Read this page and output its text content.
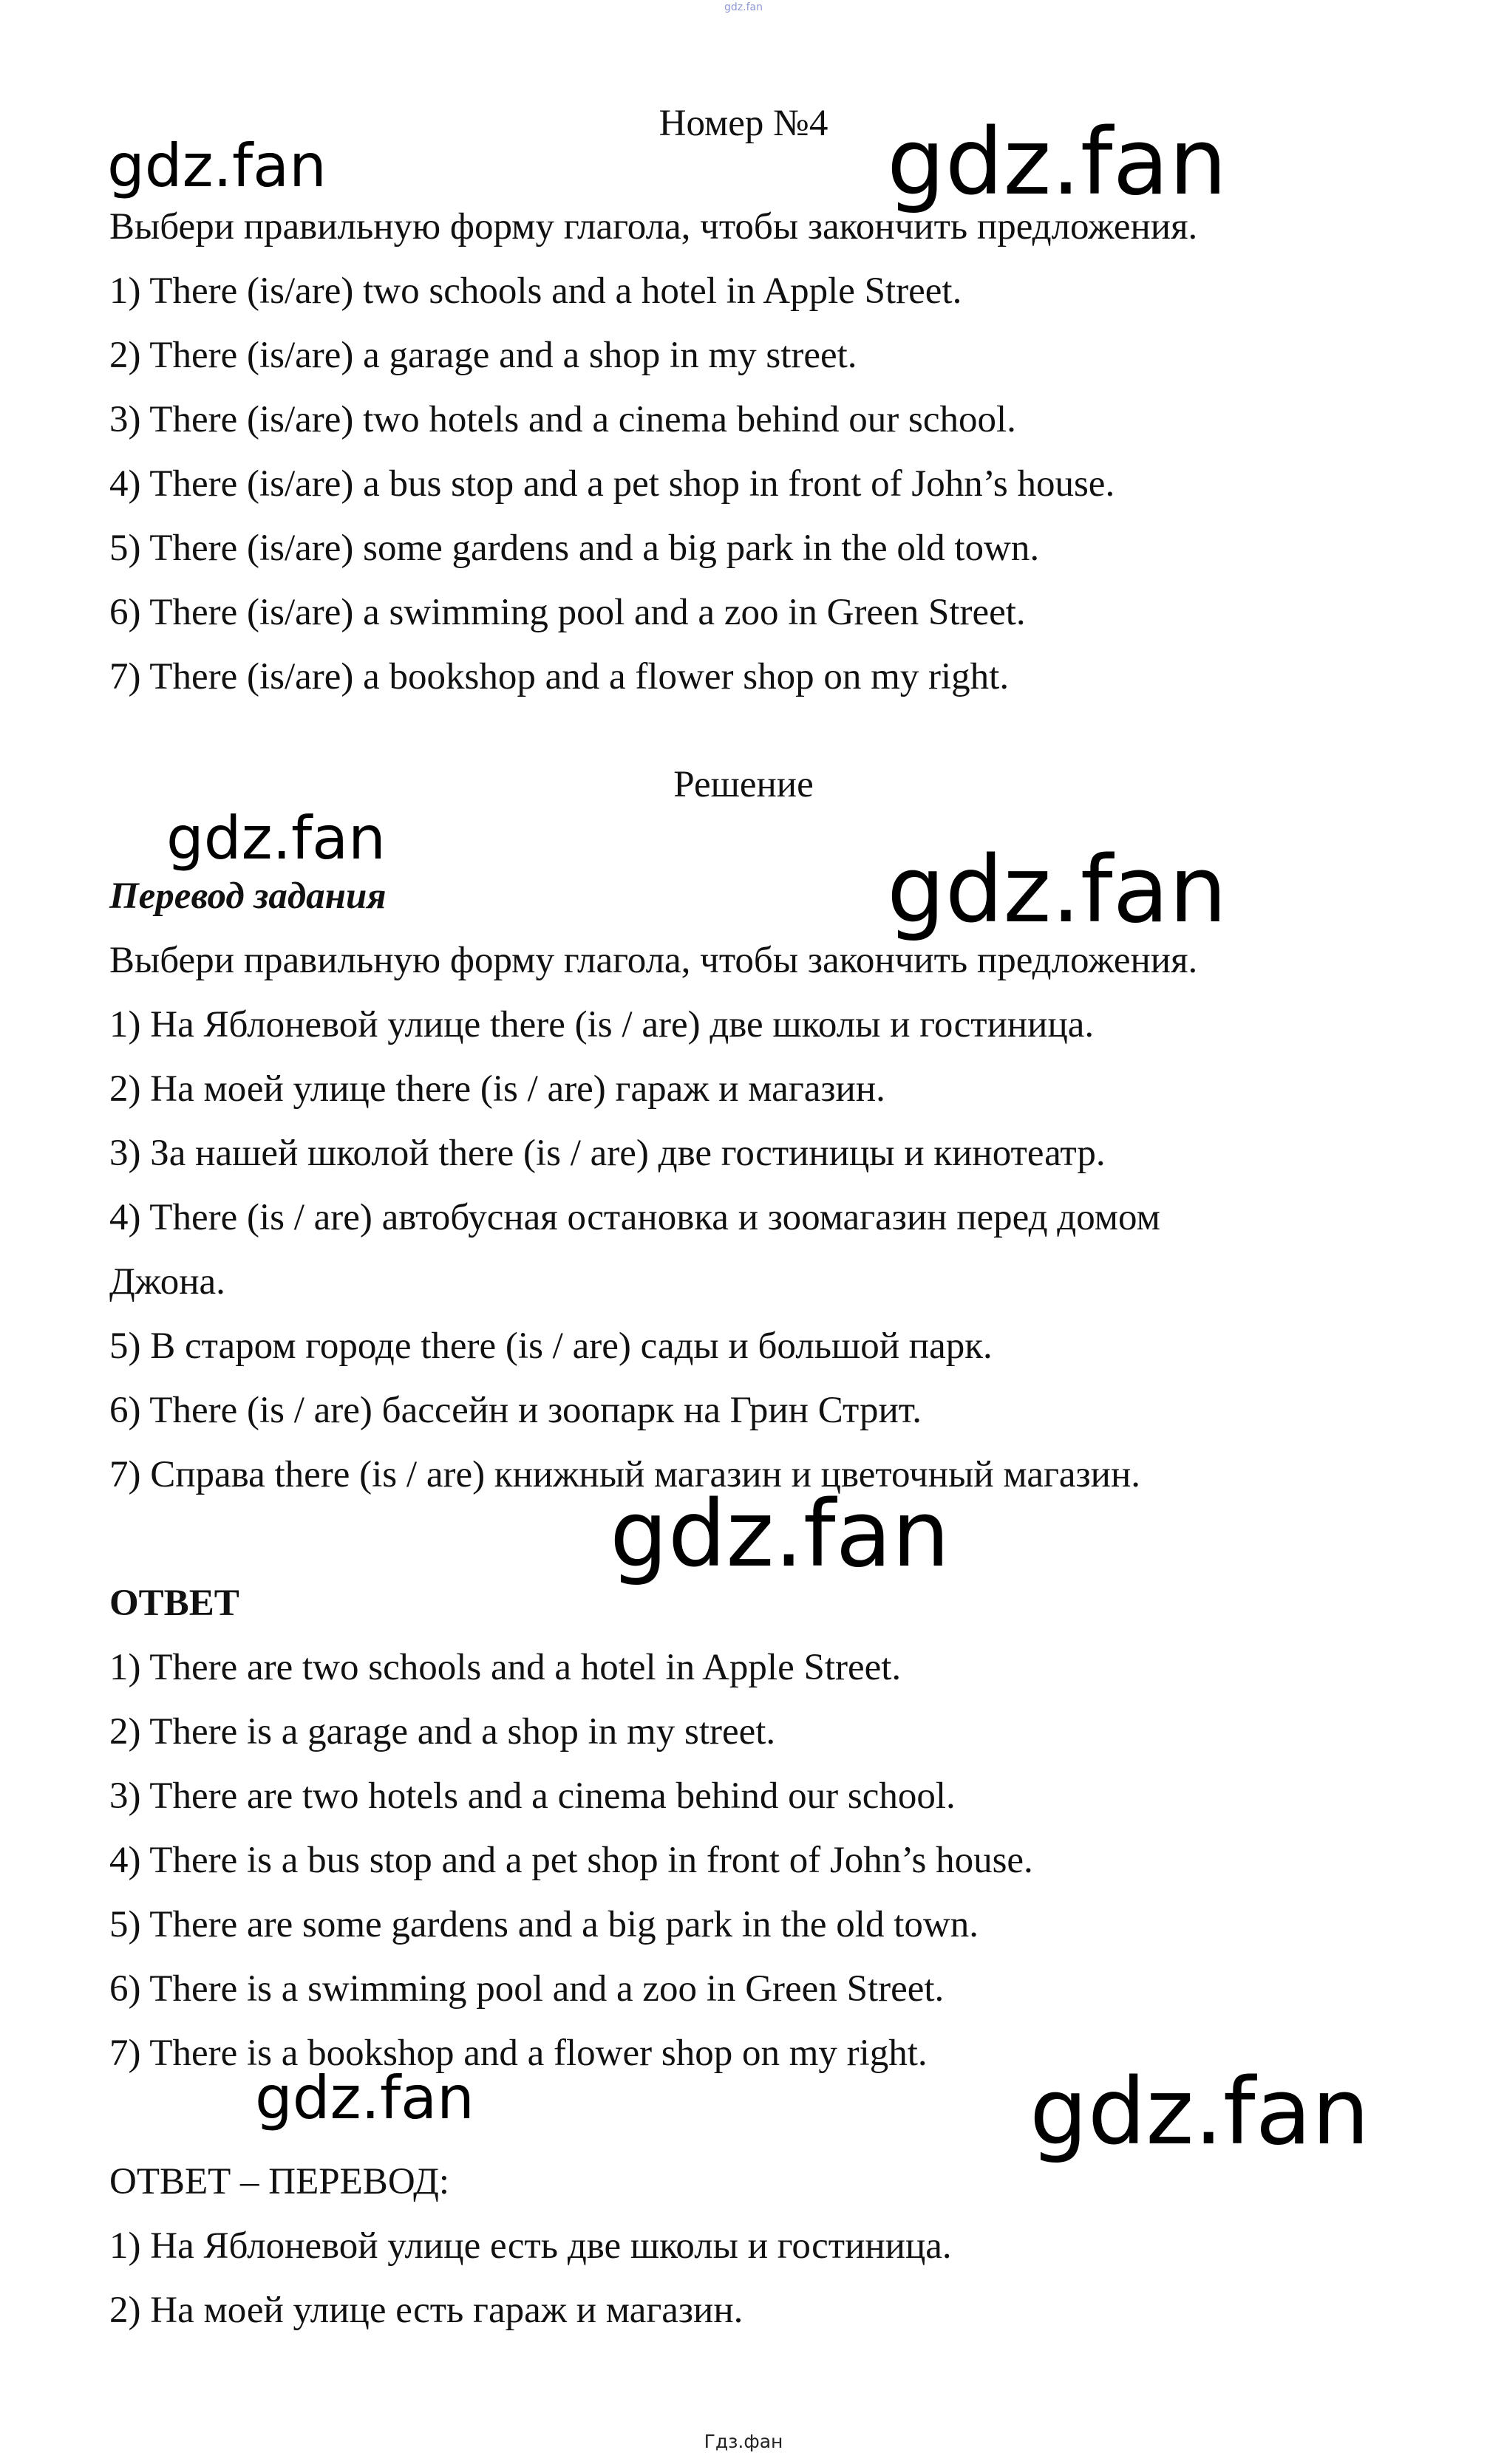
gdz.fan
Номер №4
Выбери правильную форму глагола, чтобы закончить предложения.
1) There (is/are) two schools and a hotel in Apple Street.
2) There (is/are) a garage and a shop in my street.
3) There (is/are) two hotels and a cinema behind our school.
4) There (is/are) a bus stop and a pet shop in front of John’s house.
5) There (is/are) some gardens and a big park in the old town.
6) There (is/are) a swimming pool and a zoo in Green Street.
7) There (is/are) a bookshop and a flower shop on my right.
Решение
Перевод задания
Выбери правильную форму глагола, чтобы закончить предложения.
1) На Яблоневой улице there (is / are) две школы и гостиница.
2) На моей улице there (is / are) гараж и магазин.
3) За нашей школой there (is / are) две гостиницы и кинотеатр.
4) There (is / are) автобусная остановка и зоомагазин перед домом
Джона.
5) В старом городе there (is / are) сады и большой парк.
6) There (is / are) бассейн и зоопарк на Грин Стрит.
7) Справа there (is / are) книжный магазин и цветочный магазин.
ОТВЕТ
1) There are two schools and a hotel in Apple Street.
2) There is a garage and a shop in my street.
3) There are two hotels and a cinema behind our school.
4) There is a bus stop and a pet shop in front of John’s house.
5) There are some gardens and a big park in the old town.
6) There is a swimming pool and a zoo in Green Street.
7) There is a bookshop and a flower shop on my right.
ОТВЕТ – ПЕРЕВОД:
1) На Яблоневой улице есть две школы и гостиница.
2) На моей улице есть гараж и магазин.
gdz.fan	gdz.fan
gdz.fan	gdz.fan
gdz.fan
gdz.fan	gdz.fan
Гдз.фан
